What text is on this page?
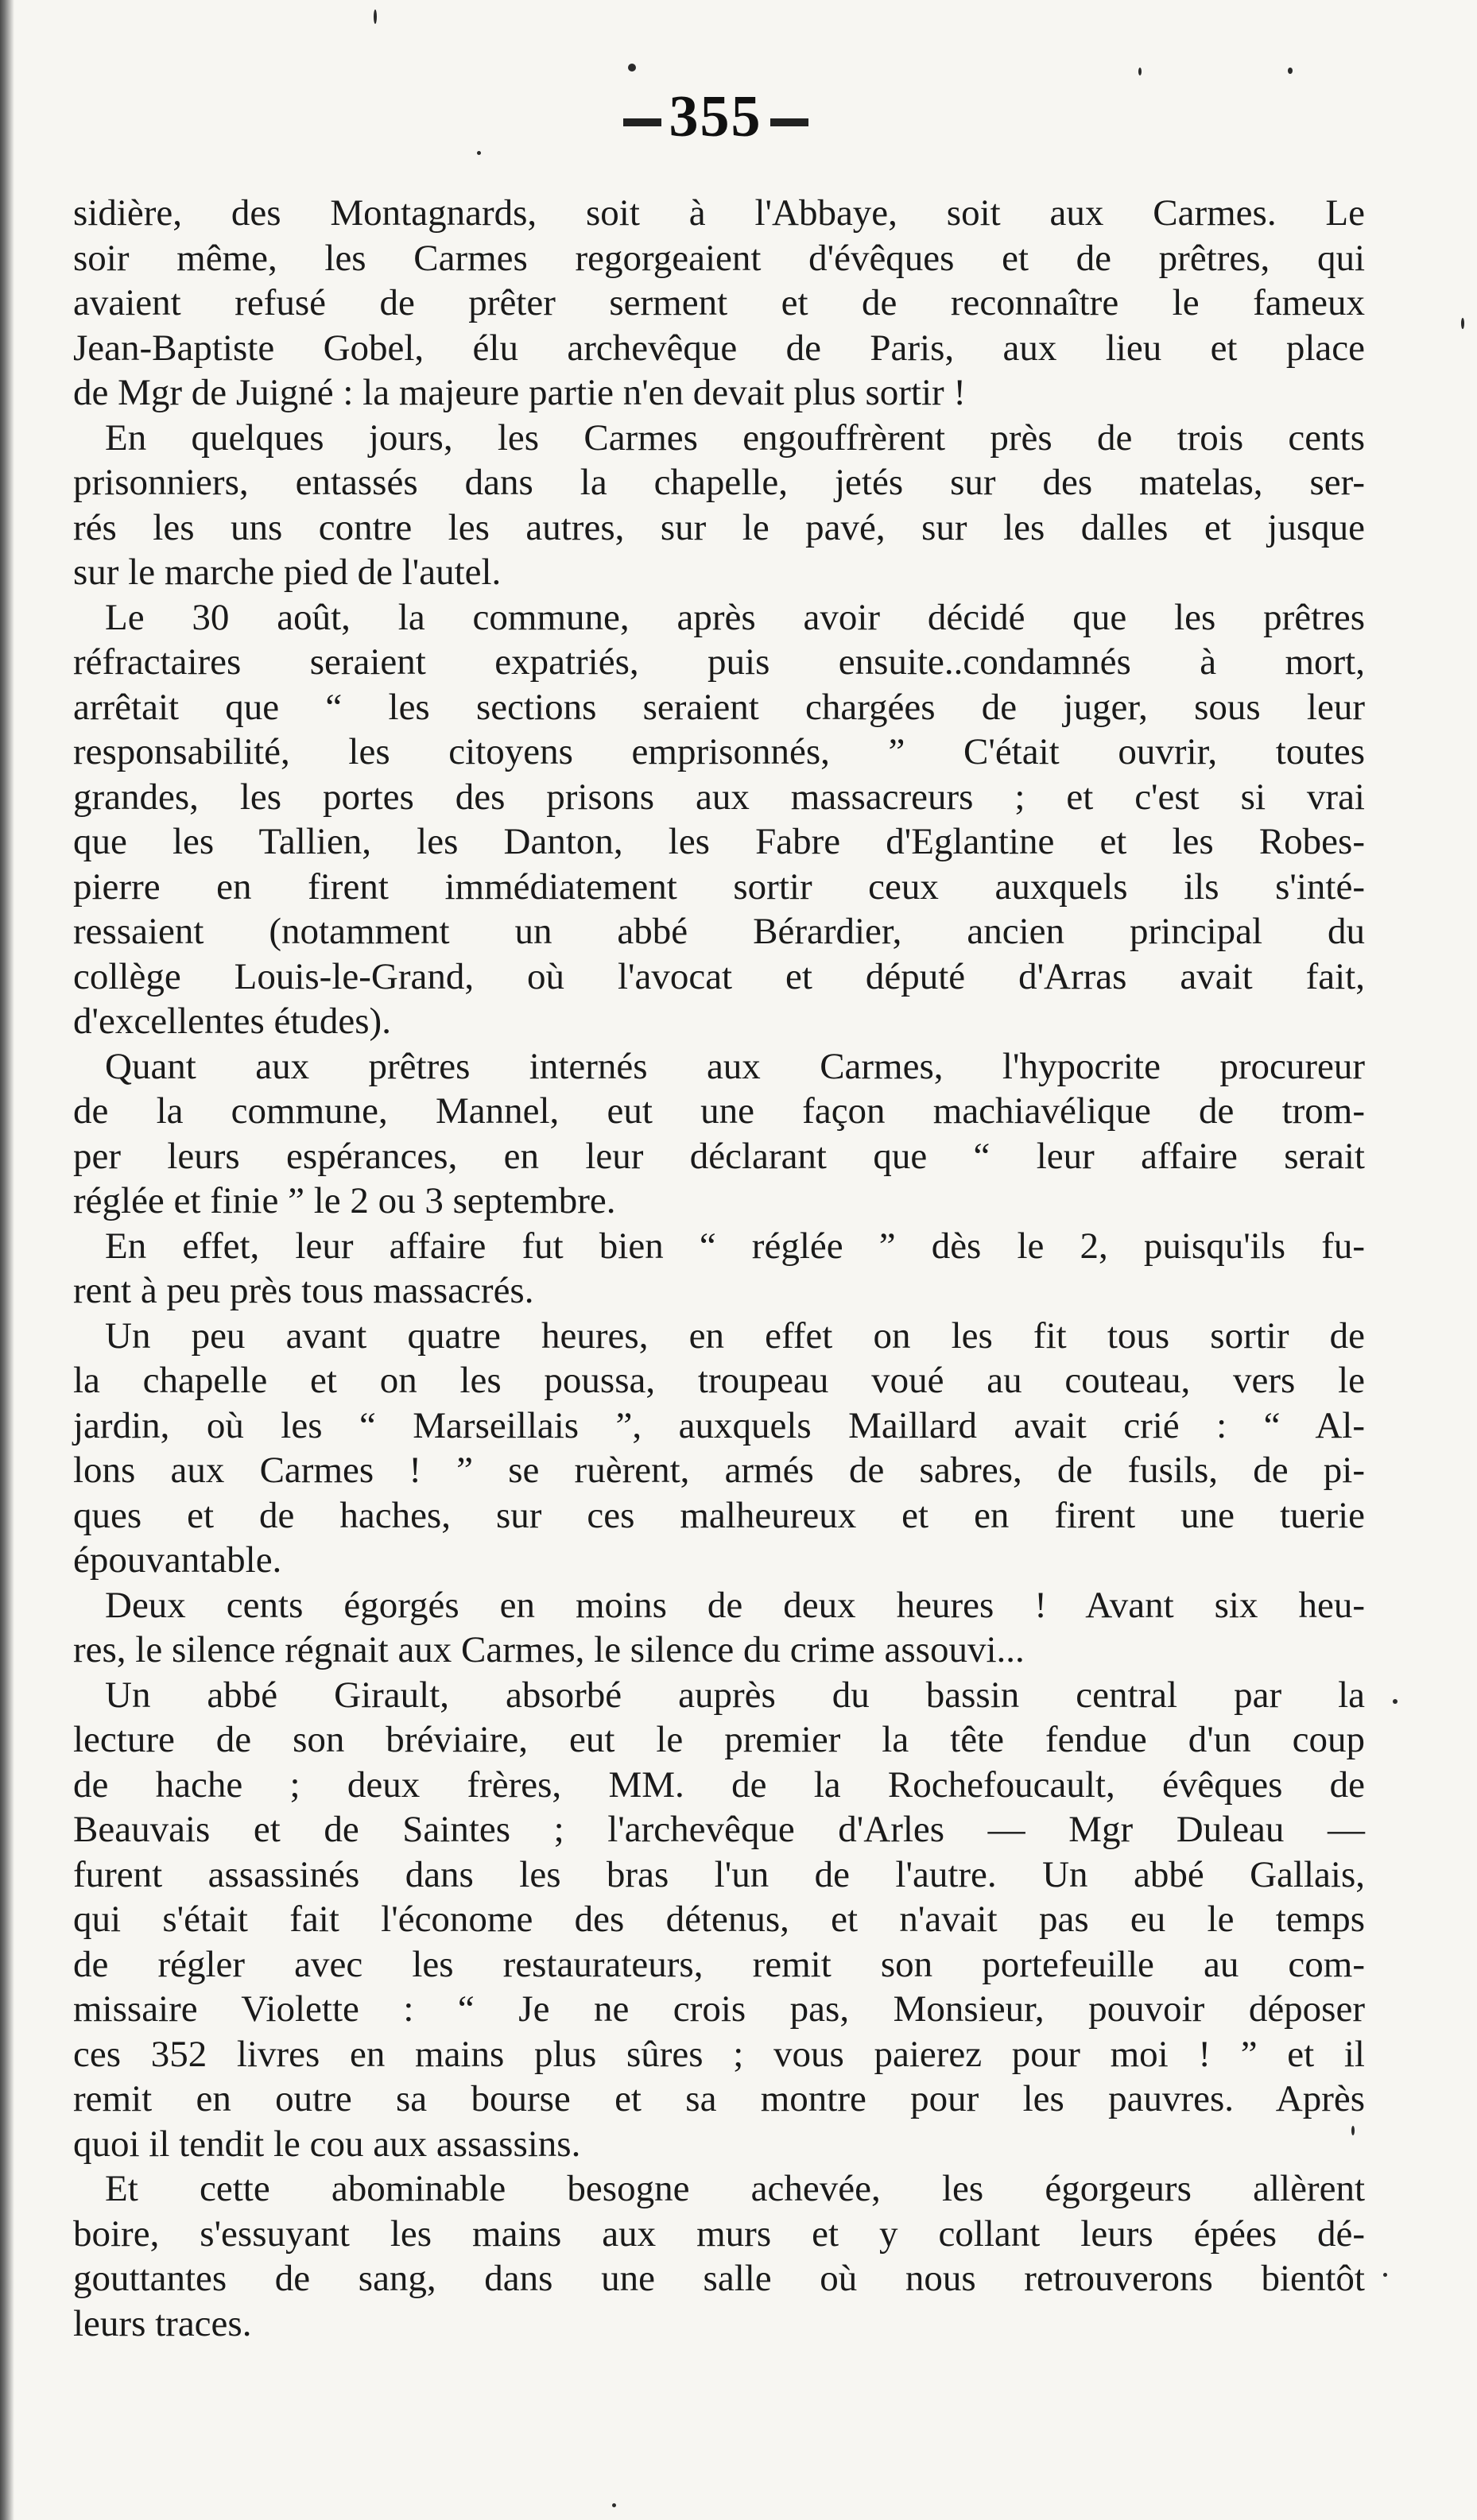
355
sidière, des Montagnards, soit à l'Abbaye, soit aux Carmes. Le
soir même, les Carmes regorgeaient d'évêques et de prêtres, qui
avaient refusé de prêter serment et de reconnaître le fameux
Jean-Baptiste Gobel, élu archevêque de Paris, aux lieu et place
de Mgr de Juigné : la majeure partie n'en devait plus sortir !
En quelques jours, les Carmes engouffrèrent près de trois cents
prisonniers, entassés dans la chapelle, jetés sur des matelas, ser-
rés les uns contre les autres, sur le pavé, sur les dalles et jusque
sur le marche pied de l'autel.
Le 30 août, la commune, après avoir décidé que les prêtres
réfractaires seraient expatriés, puis ensuite..condamnés à mort,
arrêtait que “ les sections seraient chargées de juger, sous leur
responsabilité, les citoyens emprisonnés, ” C'était ouvrir, toutes
grandes, les portes des prisons aux massacreurs ; et c'est si vrai
que les Tallien, les Danton, les Fabre d'Eglantine et les Robes-
pierre en firent immédiatement sortir ceux auxquels ils s'inté-
ressaient (notamment un abbé Bérardier, ancien principal du
collège Louis-le-Grand, où l'avocat et député d'Arras avait fait,
d'excellentes études).
Quant aux prêtres internés aux Carmes, l'hypocrite procureur
de la commune, Mannel, eut une façon machiavélique de trom-
per leurs espérances, en leur déclarant que “ leur affaire serait
réglée et finie ” le 2 ou 3 septembre.
En effet, leur affaire fut bien “ réglée ” dès le 2, puisqu'ils fu-
rent à peu près tous massacrés.
Un peu avant quatre heures, en effet on les fit tous sortir de
la chapelle et on les poussa, troupeau voué au couteau, vers le
jardin, où les “ Marseillais ”, auxquels Maillard avait crié : “ Al-
lons aux Carmes ! ” se ruèrent, armés de sabres, de fusils, de pi-
ques et de haches, sur ces malheureux et en firent une tuerie
épouvantable.
Deux cents égorgés en moins de deux heures ! Avant six heu-
res, le silence régnait aux Carmes, le silence du crime assouvi...
Un abbé Girault, absorbé auprès du bassin central par la
lecture de son bréviaire, eut le premier la tête fendue d'un coup
de hache ; deux frères, MM. de la Rochefoucault, évêques de
Beauvais et de Saintes ; l'archevêque d'Arles — Mgr Duleau —
furent assassinés dans les bras l'un de l'autre. Un abbé Gallais,
qui s'était fait l'économe des détenus, et n'avait pas eu le temps
de régler avec les restaurateurs, remit son portefeuille au com-
missaire Violette : “ Je ne crois pas, Monsieur, pouvoir déposer
ces 352 livres en mains plus sûres ; vous paierez pour moi ! ” et il
remit en outre sa bourse et sa montre pour les pauvres. Après
quoi il tendit le cou aux assassins.
Et cette abominable besogne achevée, les égorgeurs allèrent
boire, s'essuyant les mains aux murs et y collant leurs épées dé-
gouttantes de sang, dans une salle où nous retrouverons bientôt
leurs traces.
